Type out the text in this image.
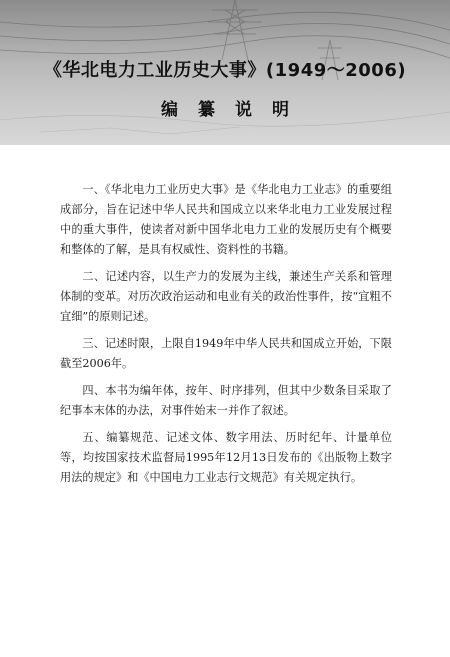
《华北电力工业历史大事》(1949～2006)
编纂说明

一、《华北电力工业历史大事》是《华北电力工业志》的重要组成部分，旨在记述中华人民共和国成立以来华北电力工业发展过程中的重大事件，使读者对新中国华北电力工业的发展历史有个概要和整体的了解，是具有权威性、资料性的书籍。

二、记述内容，以生产力的发展为主线，兼述生产关系和管理体制的变革。对历次政治运动和电业有关的政治性事件，按“宜粗不宜细”的原则记述。

三、记述时限，上限自1949年中华人民共和国成立开始，下限截至2006年。

四、本书为编年体，按年、时序排列，但其中少数条目采取了纪事本末体的办法，对事件始末一并作了叙述。

五、编纂规范、记述文体、数字用法、历时纪年、计量单位等，均按国家技术监督局1995年12月13日发布的《出版物上数字用法的规定》和《中国电力工业志行文规范》有关规定执行。
